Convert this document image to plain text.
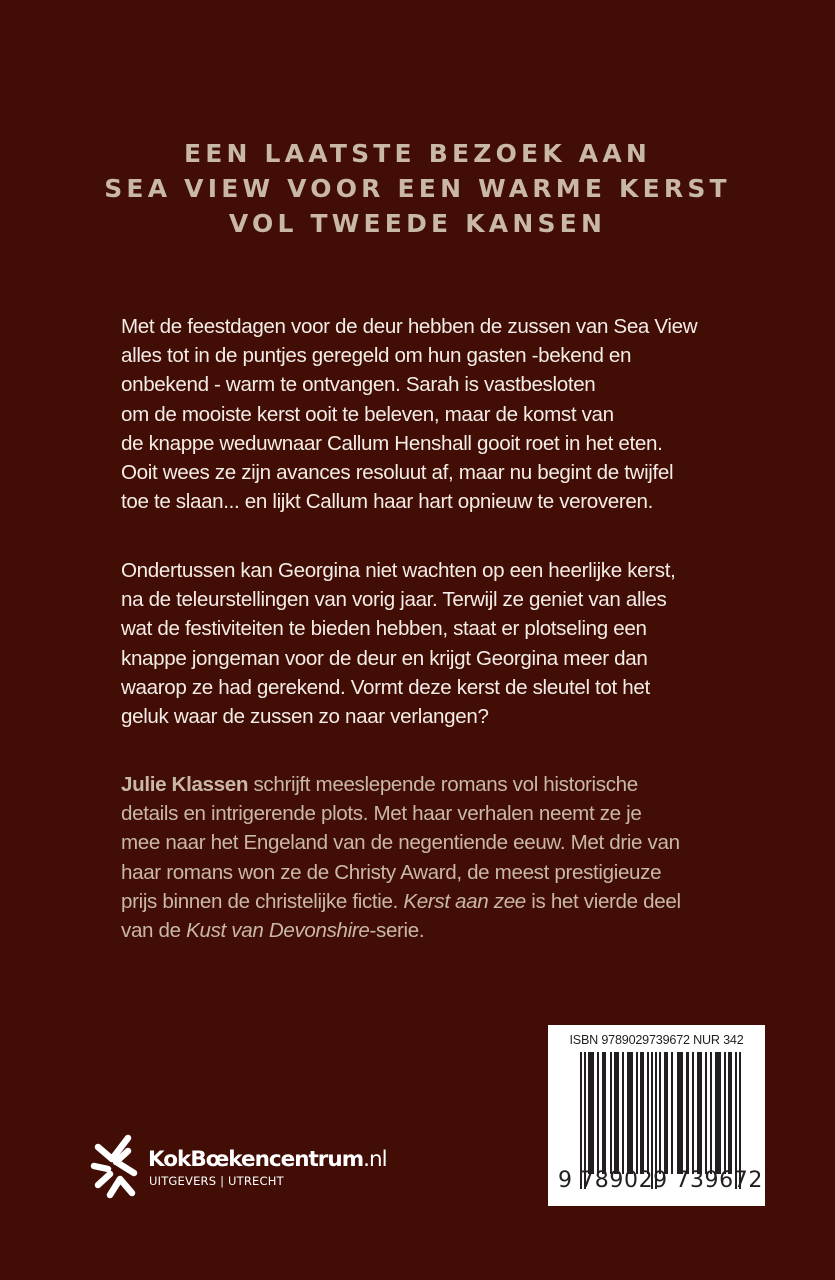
EEN LAATSTE BEZOEK AAN
SEA VIEW VOOR EEN WARME KERST
VOL TWEEDE KANSEN
Met de feestdagen voor de deur hebben de zussen van Sea View
alles tot in de puntjes geregeld om hun gasten -bekend en
onbekend - warm te ontvangen. Sarah is vastbesloten
om de mooiste kerst ooit te beleven, maar de komst van
de knappe weduwnaar Callum Henshall gooit roet in het eten.
Ooit wees ze zijn avances resoluut af, maar nu begint de twijfel
toe te slaan... en lijkt Callum haar hart opnieuw te veroveren.
Ondertussen kan Georgina niet wachten op een heerlijke kerst,
na de teleurstellingen van vorig jaar. Terwijl ze geniet van alles
wat de festiviteiten te bieden hebben, staat er plotseling een
knappe jongeman voor de deur en krijgt Georgina meer dan
waarop ze had gerekend. Vormt deze kerst de sleutel tot het
geluk waar de zussen zo naar verlangen?
Julie Klassen schrijft meeslepende romans vol historische
details en intrigerende plots. Met haar verhalen neemt ze je
mee naar het Engeland van de negentiende eeuw. Met drie van
haar romans won ze de Christy Award, de meest prestigieuze
prijs binnen de christelijke fictie. Kerst aan zee is het vierde deel
van de Kust van Devonshire-serie.
KokBœkencentrum.nl
UITGEVERS | UTRECHT
ISBN 9789029739672 NUR 342
9 789029 739672
